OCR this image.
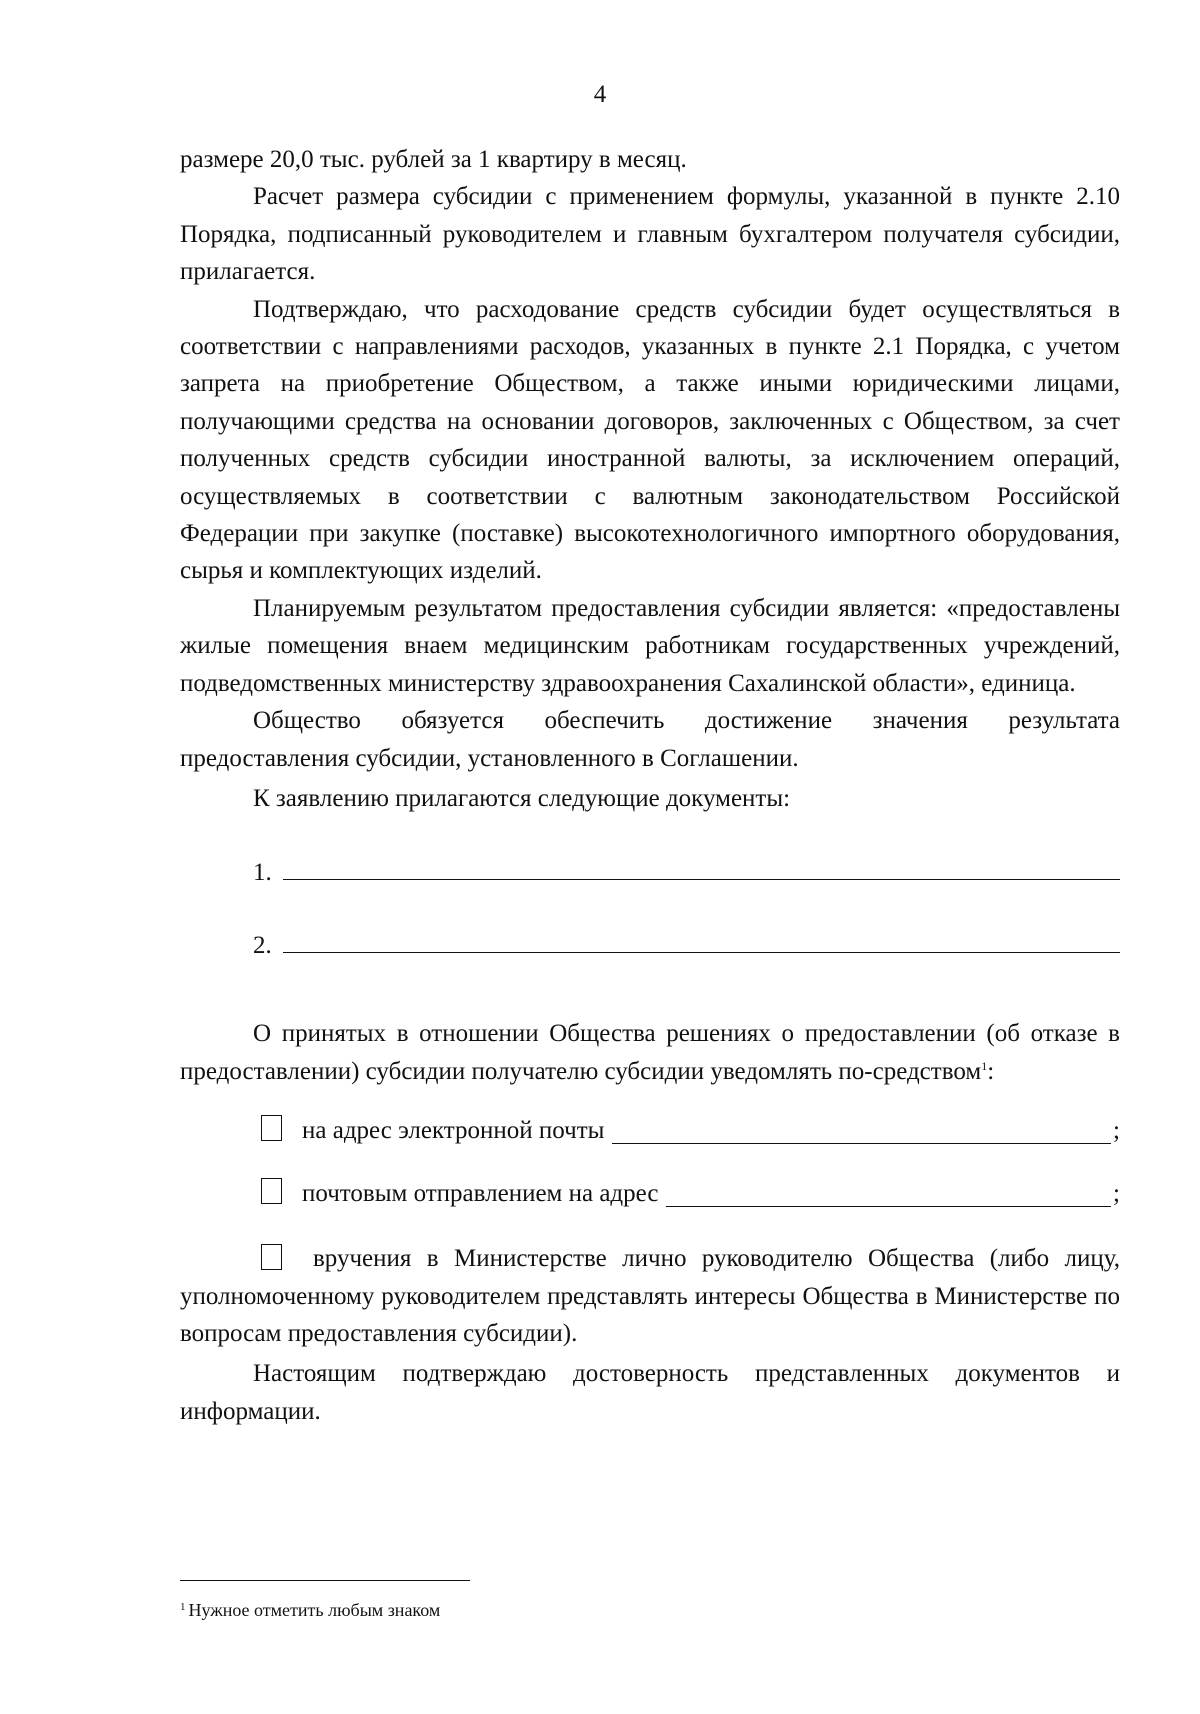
4

размере 20,0 тыс. рублей за 1 квартиру в месяц.

Расчет размера субсидии с применением формулы, указанной в пункте 2.10 Порядка, подписанный руководителем и главным бухгалтером получателя субсидии, прилагается.

Подтверждаю, что расходование средств субсидии будет осуществляться в соответствии с направлениями расходов, указанных в пункте 2.1 Порядка, с учетом запрета на приобретение Обществом, а также иными юридическими лицами, получающими средства на основании договоров, заключенных с Обществом, за счет полученных средств субсидии иностранной валюты, за исключением операций, осуществляемых в соответствии с валютным законодательством Российской Федерации при закупке (поставке) высокотехнологичного импортного оборудования, сырья и комплектующих изделий.

Планируемым результатом предоставления субсидии является: «предоставлены жилые помещения внаем медицинским работникам государственных учреждений, подведомственных министерству здравоохранения Сахалинской области», единица.

Общество обязуется обеспечить достижение значения результата предоставления субсидии, установленного в Соглашении.

К заявлению прилагаются следующие документы:

1.
2.

О принятых в отношении Общества решениях о предоставлении (об отказе в предоставлении) субсидии получателю субсидии уведомлять по-средством$^1$:

на адрес электронной почты	;
почтовым отправлением на адрес	;

вручения в Министерстве лично руководителю Общества (либо лицу, уполномоченному руководителем представлять интересы Общества в Министерстве по вопросам предоставления субсидии).

Настоящим подтверждаю достоверность представленных документов и информации.

$^1$ Нужное отметить любым знаком
